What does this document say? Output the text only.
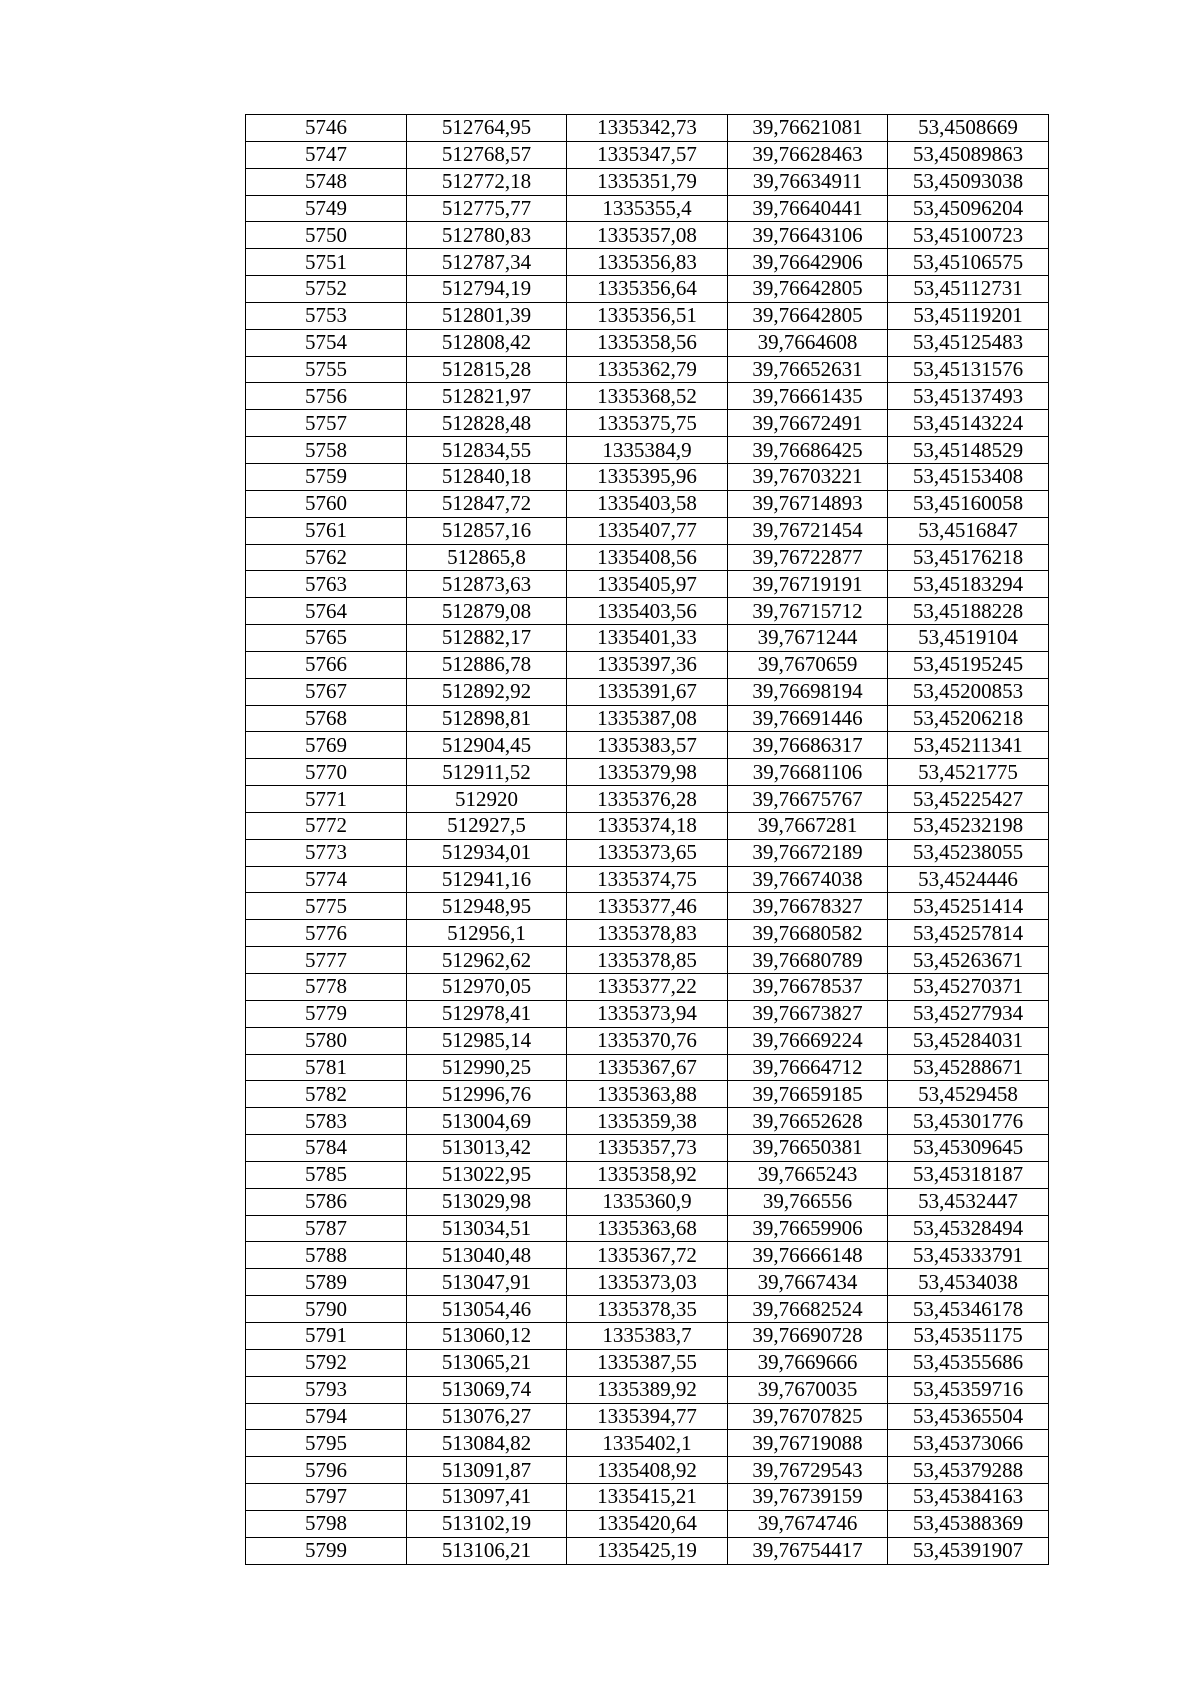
5746	512764,95	1335342,73	39,76621081	53,4508669
5747	512768,57	1335347,57	39,76628463	53,45089863
5748	512772,18	1335351,79	39,76634911	53,45093038
5749	512775,77	1335355,4	39,76640441	53,45096204
5750	512780,83	1335357,08	39,76643106	53,45100723
5751	512787,34	1335356,83	39,76642906	53,45106575
5752	512794,19	1335356,64	39,76642805	53,45112731
5753	512801,39	1335356,51	39,76642805	53,45119201
5754	512808,42	1335358,56	39,7664608	53,45125483
5755	512815,28	1335362,79	39,76652631	53,45131576
5756	512821,97	1335368,52	39,76661435	53,45137493
5757	512828,48	1335375,75	39,76672491	53,45143224
5758	512834,55	1335384,9	39,76686425	53,45148529
5759	512840,18	1335395,96	39,76703221	53,45153408
5760	512847,72	1335403,58	39,76714893	53,45160058
5761	512857,16	1335407,77	39,76721454	53,4516847
5762	512865,8	1335408,56	39,76722877	53,45176218
5763	512873,63	1335405,97	39,76719191	53,45183294
5764	512879,08	1335403,56	39,76715712	53,45188228
5765	512882,17	1335401,33	39,7671244	53,4519104
5766	512886,78	1335397,36	39,7670659	53,45195245
5767	512892,92	1335391,67	39,76698194	53,45200853
5768	512898,81	1335387,08	39,76691446	53,45206218
5769	512904,45	1335383,57	39,76686317	53,45211341
5770	512911,52	1335379,98	39,76681106	53,4521775
5771	512920	1335376,28	39,76675767	53,45225427
5772	512927,5	1335374,18	39,7667281	53,45232198
5773	512934,01	1335373,65	39,76672189	53,45238055
5774	512941,16	1335374,75	39,76674038	53,4524446
5775	512948,95	1335377,46	39,76678327	53,45251414
5776	512956,1	1335378,83	39,76680582	53,45257814
5777	512962,62	1335378,85	39,76680789	53,45263671
5778	512970,05	1335377,22	39,76678537	53,45270371
5779	512978,41	1335373,94	39,76673827	53,45277934
5780	512985,14	1335370,76	39,76669224	53,45284031
5781	512990,25	1335367,67	39,76664712	53,45288671
5782	512996,76	1335363,88	39,76659185	53,4529458
5783	513004,69	1335359,38	39,76652628	53,45301776
5784	513013,42	1335357,73	39,76650381	53,45309645
5785	513022,95	1335358,92	39,7665243	53,45318187
5786	513029,98	1335360,9	39,766556	53,4532447
5787	513034,51	1335363,68	39,76659906	53,45328494
5788	513040,48	1335367,72	39,76666148	53,45333791
5789	513047,91	1335373,03	39,7667434	53,4534038
5790	513054,46	1335378,35	39,76682524	53,45346178
5791	513060,12	1335383,7	39,76690728	53,45351175
5792	513065,21	1335387,55	39,7669666	53,45355686
5793	513069,74	1335389,92	39,7670035	53,45359716
5794	513076,27	1335394,77	39,76707825	53,45365504
5795	513084,82	1335402,1	39,76719088	53,45373066
5796	513091,87	1335408,92	39,76729543	53,45379288
5797	513097,41	1335415,21	39,76739159	53,45384163
5798	513102,19	1335420,64	39,7674746	53,45388369
5799	513106,21	1335425,19	39,76754417	53,45391907
